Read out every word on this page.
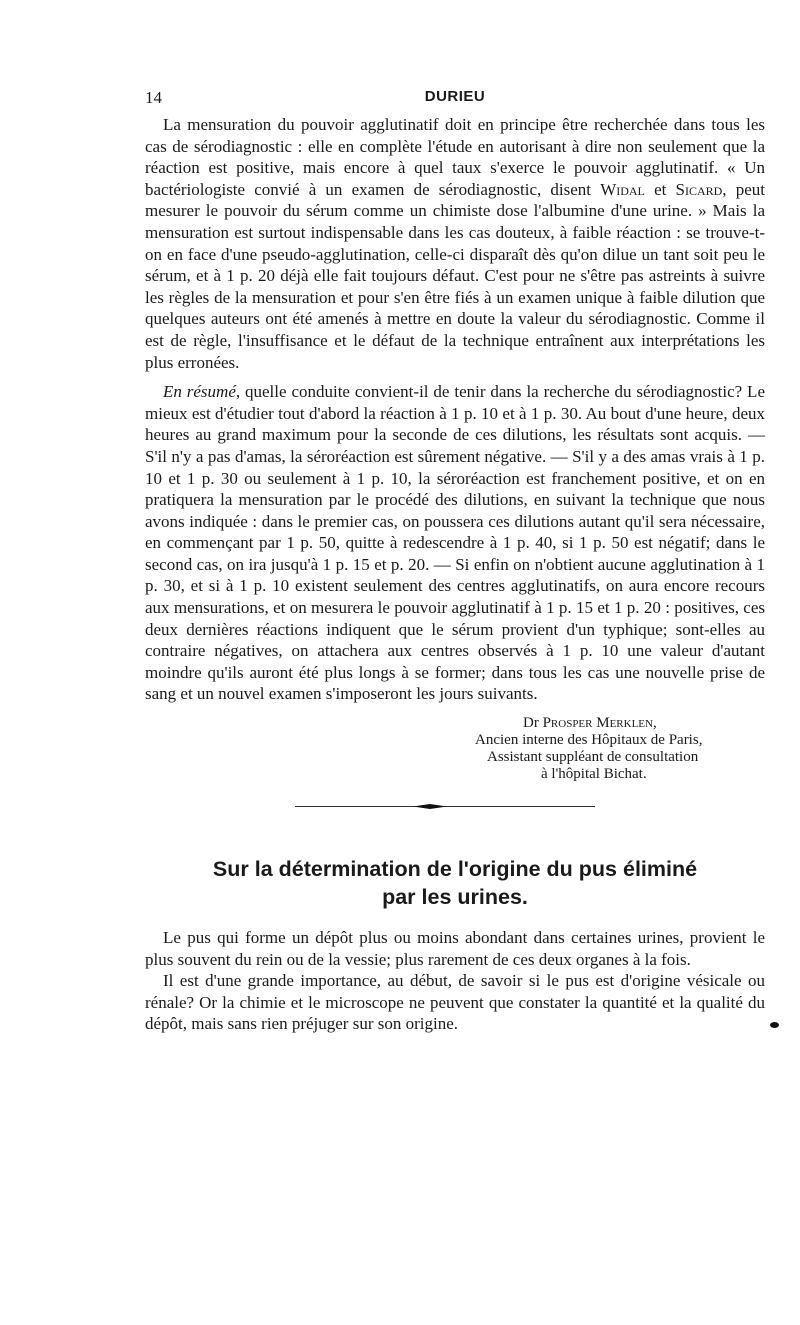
14	DURIEU

La mensuration du pouvoir agglutinatif doit en principe être recherchée dans tous les cas de sérodiagnostic : elle en complète l'étude en autorisant à dire non seulement que la réaction est positive, mais encore à quel taux s'exerce le pouvoir agglutinatif. « Un bactériologiste convié à un examen de sérodiagnostic, disent Widal et Sicard, peut mesurer le pouvoir du sérum comme un chimiste dose l'albumine d'une urine. » Mais la mensuration est surtout indispensable dans les cas douteux, à faible réaction : se trouve-t-on en face d'une pseudo-agglutination, celle-ci disparaît dès qu'on dilue un tant soit peu le sérum, et à 1 p. 20 déjà elle fait toujours défaut. C'est pour ne s'être pas astreints à suivre les règles de la mensuration et pour s'en être fiés à un examen unique à faible dilution que quelques auteurs ont été amenés à mettre en doute la valeur du sérodiagnostic. Comme il est de règle, l'insuffisance et le défaut de la technique entraînent aux interprétations les plus erronées.

En résumé, quelle conduite convient-il de tenir dans la recherche du sérodiagnostic? Le mieux est d'étudier tout d'abord la réaction à 1 p. 10 et à 1 p. 30. Au bout d'une heure, deux heures au grand maximum pour la seconde de ces dilutions, les résultats sont acquis. — S'il n'y a pas d'amas, la séroréaction est sûrement négative. — S'il y a des amas vrais à 1 p. 10 et 1 p. 30 ou seulement à 1 p. 10, la séroréaction est franchement positive, et on en pratiquera la mensuration par le procédé des dilutions, en suivant la technique que nous avons indiquée : dans le premier cas, on poussera ces dilutions autant qu'il sera nécessaire, en commençant par 1 p. 50, quitte à redescendre à 1 p. 40, si 1 p. 50 est négatif; dans le second cas, on ira jusqu'à 1 p. 15 et p. 20. — Si enfin on n'obtient aucune agglutination à 1 p. 30, et si à 1 p. 10 existent seulement des centres agglutinatifs, on aura encore recours aux mensurations, et on mesurera le pouvoir agglutinatif à 1 p. 15 et 1 p. 20 : positives, ces deux dernières réactions indiquent que le sérum provient d'un typhique; sont-elles au contraire négatives, on attachera aux centres observés à 1 p. 10 une valeur d'autant moindre qu'ils auront été plus longs à se former; dans tous les cas une nouvelle prise de sang et un nouvel examen s'imposeront les jours suivants.

Dr Prosper Merklen,
Ancien interne des Hôpitaux de Paris,
Assistant suppléant de consultation
à l'hôpital Bichat.
Sur la détermination de l'origine du pus éliminé
par les urines.

Le pus qui forme un dépôt plus ou moins abondant dans certaines urines, provient le plus souvent du rein ou de la vessie; plus rarement de ces deux organes à la fois.

Il est d'une grande importance, au début, de savoir si le pus est d'origine vésicale ou rénale? Or la chimie et le microscope ne peuvent que constater la quantité et la qualité du dépôt, mais sans rien préjuger sur son origine.
